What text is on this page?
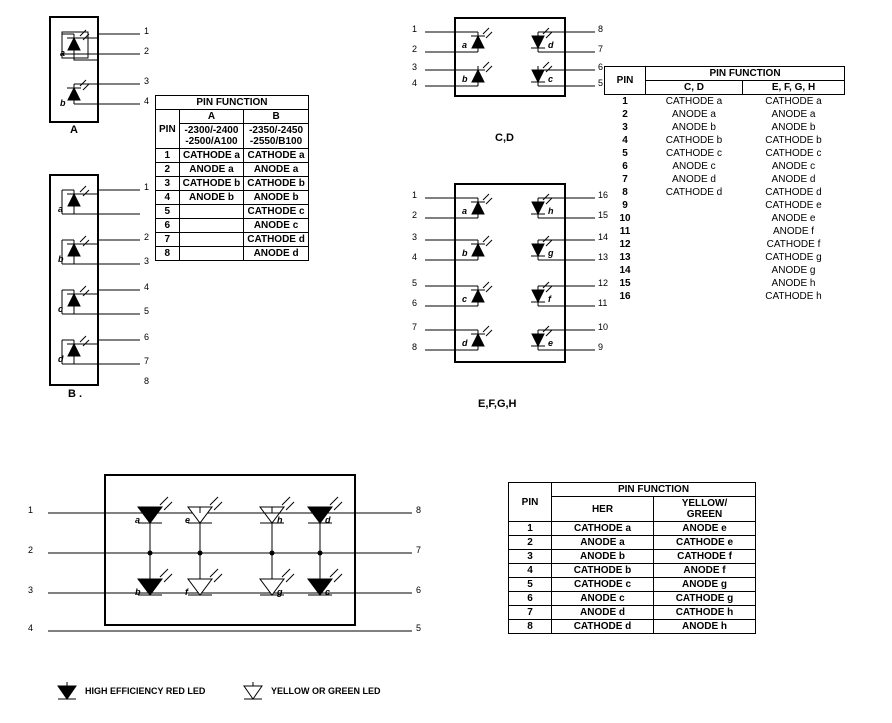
a
b
1
2
3
4
A
a
b
c
d
1
2
3
4
5
6
7
8
B .
PIN FUNCTION		
PIN	A	B
	-2300/-2400	-2350/-2450
	-2500/A100	-2550/B100
1	CATHODE a	CATHODE a
2	ANODE a	ANODE a
3	CATHODE b	CATHODE b
4	ANODE b	ANODE b
5		CATHODE c
6		ANODE c
7		CATHODE d
8		ANODE d
a	d
b	c
1
2
3
4
8
7
6
5
C,D
a	h
b	g
c	f
d	e
1
2
3
4
5
6
7
8
16
15
14
13
12
11
10
9
E,F,G,H
PIN	PIN FUNCTION	
	C, D	E, F, G, H
1	CATHODE a	CATHODE a
2	ANODE a	ANODE a
3	ANODE b	ANODE b
4	CATHODE b	CATHODE b
5	CATHODE c	CATHODE c
6	ANODE c	ANODE c
7	ANODE d	ANODE d
8	CATHODE d	CATHODE d
9		CATHODE e
10		ANODE e
11		ANODE f
12		CATHODE f
13		CATHODE g
14		ANODE g
15		ANODE h
16		CATHODE h
a	e	h	d
b	f	g	c
1
2
3
4
8
7
6
5
HIGH EFFICIENCY RED LED	YELLOW OR GREEN LED
PIN	PIN FUNCTION	
	HER	YELLOW/
GREEN
1	CATHODE a	ANODE e
2	ANODE a	CATHODE e
3	ANODE b	CATHODE f
4	CATHODE b	ANODE f
5	CATHODE c	ANODE g
6	ANODE c	CATHODE g
7	ANODE d	CATHODE h
8	CATHODE d	ANODE h
